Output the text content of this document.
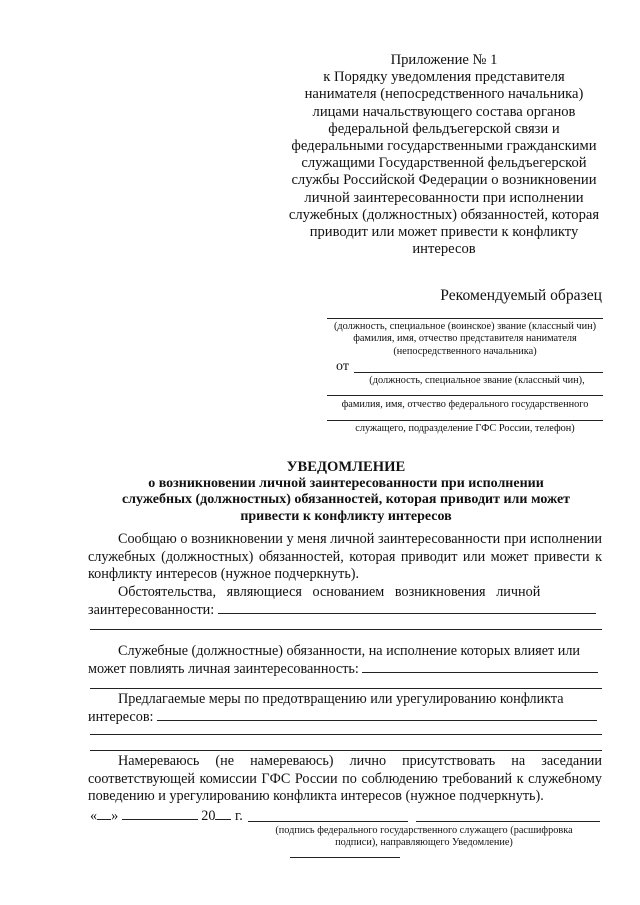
Приложение № 1
к Порядку уведомления представителя
нанимателя (непосредственного начальника)
лицами начальствующего состава органов
федеральной фельдъегерской связи и
федеральными государственными гражданскими
служащими Государственной фельдъегерской
службы Российской Федерации о возникновении
личной заинтересованности при исполнении
служебных (должностных) обязанностей, которая
приводит или может привести к конфликту
интересов
Рекомендуемый образец
(должность, специальное (воинское) звание (классный чин)
фамилия, имя, отчество представителя нанимателя
(непосредственного начальника)
от
(должность, специальное звание (классный чин),
фамилия, имя, отчество федерального государственного
служащего, подразделение ГФС России, телефон)
УВЕДОМЛЕНИЕ
о возникновении личной заинтересованности при исполнении
служебных (должностных) обязанностей, которая приводит или может
привести к конфликту интересов
Сообщаю о возникновении у меня личной заинтересованности при исполнении служебных (должностных) обязанностей, которая приводит или может привести к конфликту интересов (нужное подчеркнуть).
Обстоятельства,   являющиеся   основанием   возникновения   личной
заинтересованности:
Служебные (должностные) обязанности, на исполнение которых влияет или
может повлиять личная заинтересованность:
Предлагаемые меры по предотвращению или урегулированию конфликта
интересов:
Намереваюсь (не намереваюсь) лично присутствовать на заседании соответствующей комиссии ГФС России по соблюдению требований к служебному поведению и урегулированию конфликта интересов (нужное подчеркнуть).
« »	20 г.
(подпись федерального государственного служащего (расшифровка
подписи), направляющего Уведомление)
